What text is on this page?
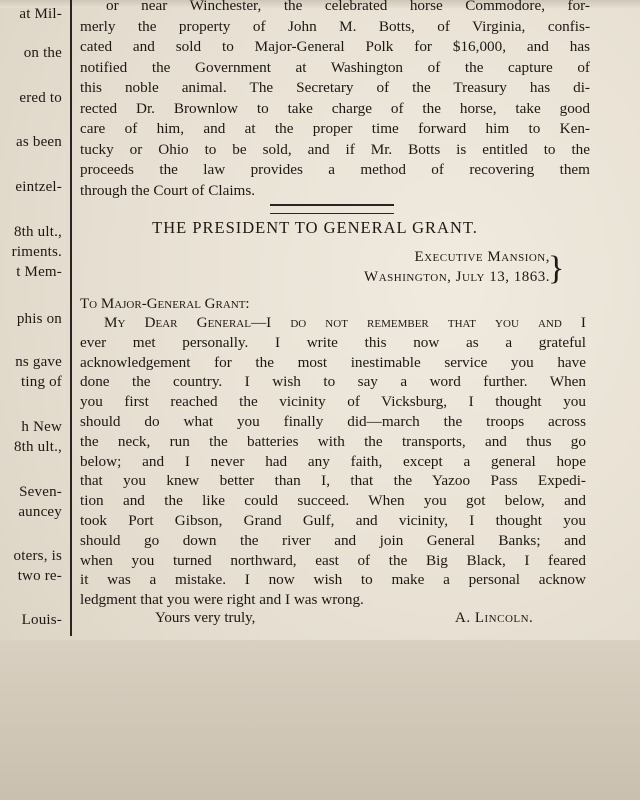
at Mil-
on the
ered to
as been
eintzel-
8th ult.,
riments.
t Mem-
phis on
ns gave
ting of
h New
8th ult.,
Seven-
auncey
oters, is
two re-
Louis-
or near Winchester, the celebrated horse Commodore, for-
merly the property of John M. Botts, of Virginia, confis-
cated and sold to Major-General Polk for $16,000, and has
notified the Government at Washington of the capture of
this noble animal. The Secretary of the Treasury has di-
rected Dr. Brownlow to take charge of the horse, take good
care of him, and at the proper time forward him to Ken-
tucky or Ohio to be sold, and if Mr. Botts is entitled to the
proceeds the law provides a method of recovering them
through the Court of Claims.
THE PRESIDENT TO GENERAL GRANT.
Executive Mansion,
Washington, July 13, 1863.
}
To Major-General Grant:
My Dear General—I do not remember that you and I
ever met personally. I write this now as a grateful
acknowledgement for the most inestimable service you have
done the country. I wish to say a word further. When
you first reached the vicinity of Vicksburg, I thought you
should do what you finally did—march the troops across
the neck, run the batteries with the transports, and thus go
below; and I never had any faith, except a general hope
that you knew better than I, that the Yazoo Pass Expedi-
tion and the like could succeed. When you got below, and
took Port Gibson, Grand Gulf, and vicinity, I thought you
should go down the river and join General Banks; and
when you turned northward, east of the Big Black, I feared
it was a mistake. I now wish to make a personal acknow
ledgment that you were right and I was wrong.
Yours very truly,	A. Lincoln.
